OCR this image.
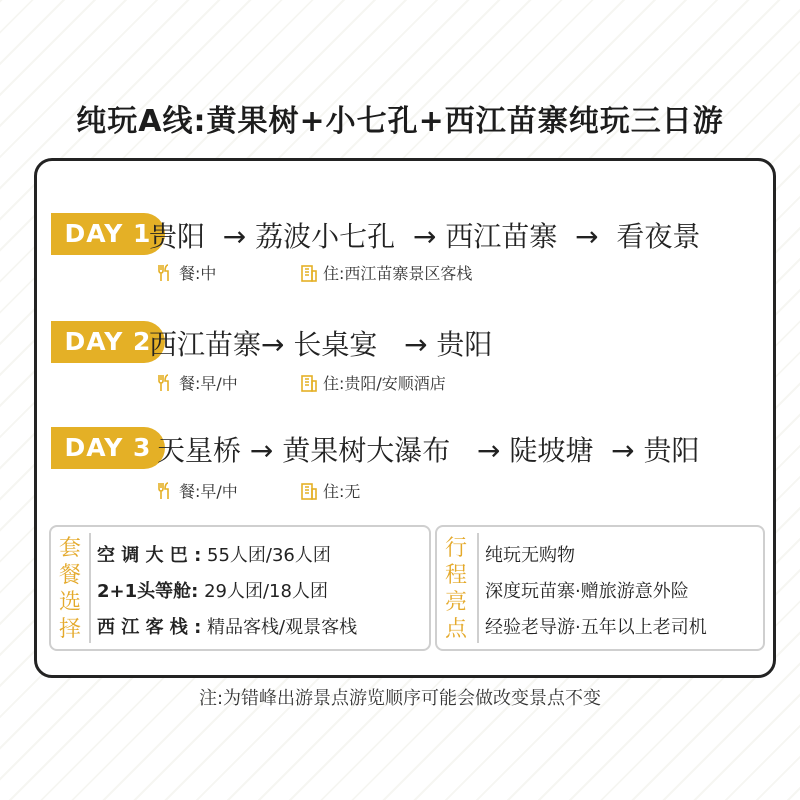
纯玩A线:黄果树+小七孔+西江苗寨纯玩三日游
DAY 1
贵阳  → 荔波小七孔  → 西江苗寨  →  看夜景
餐:中	住:西江苗寨景区客栈
DAY 2
西江苗寨→ 长桌宴   → 贵阳
餐:早/中	住:贵阳/安顺酒店
DAY 3 天星桥 → 黄果树大瀑布   → 陡坡塘  → 贵阳
餐:早/中	住:无
套
餐
选
择
空 调 大 巴 : 55人团/36人团
2+1头等舱: 29人团/18人团
西 江 客 栈 : 精品客栈/观景客栈
行
程
亮
点
纯玩无购物
深度玩苗寨·赠旅游意外险
经验老导游·五年以上老司机
注:为错峰出游景点游览顺序可能会做改变景点不变
